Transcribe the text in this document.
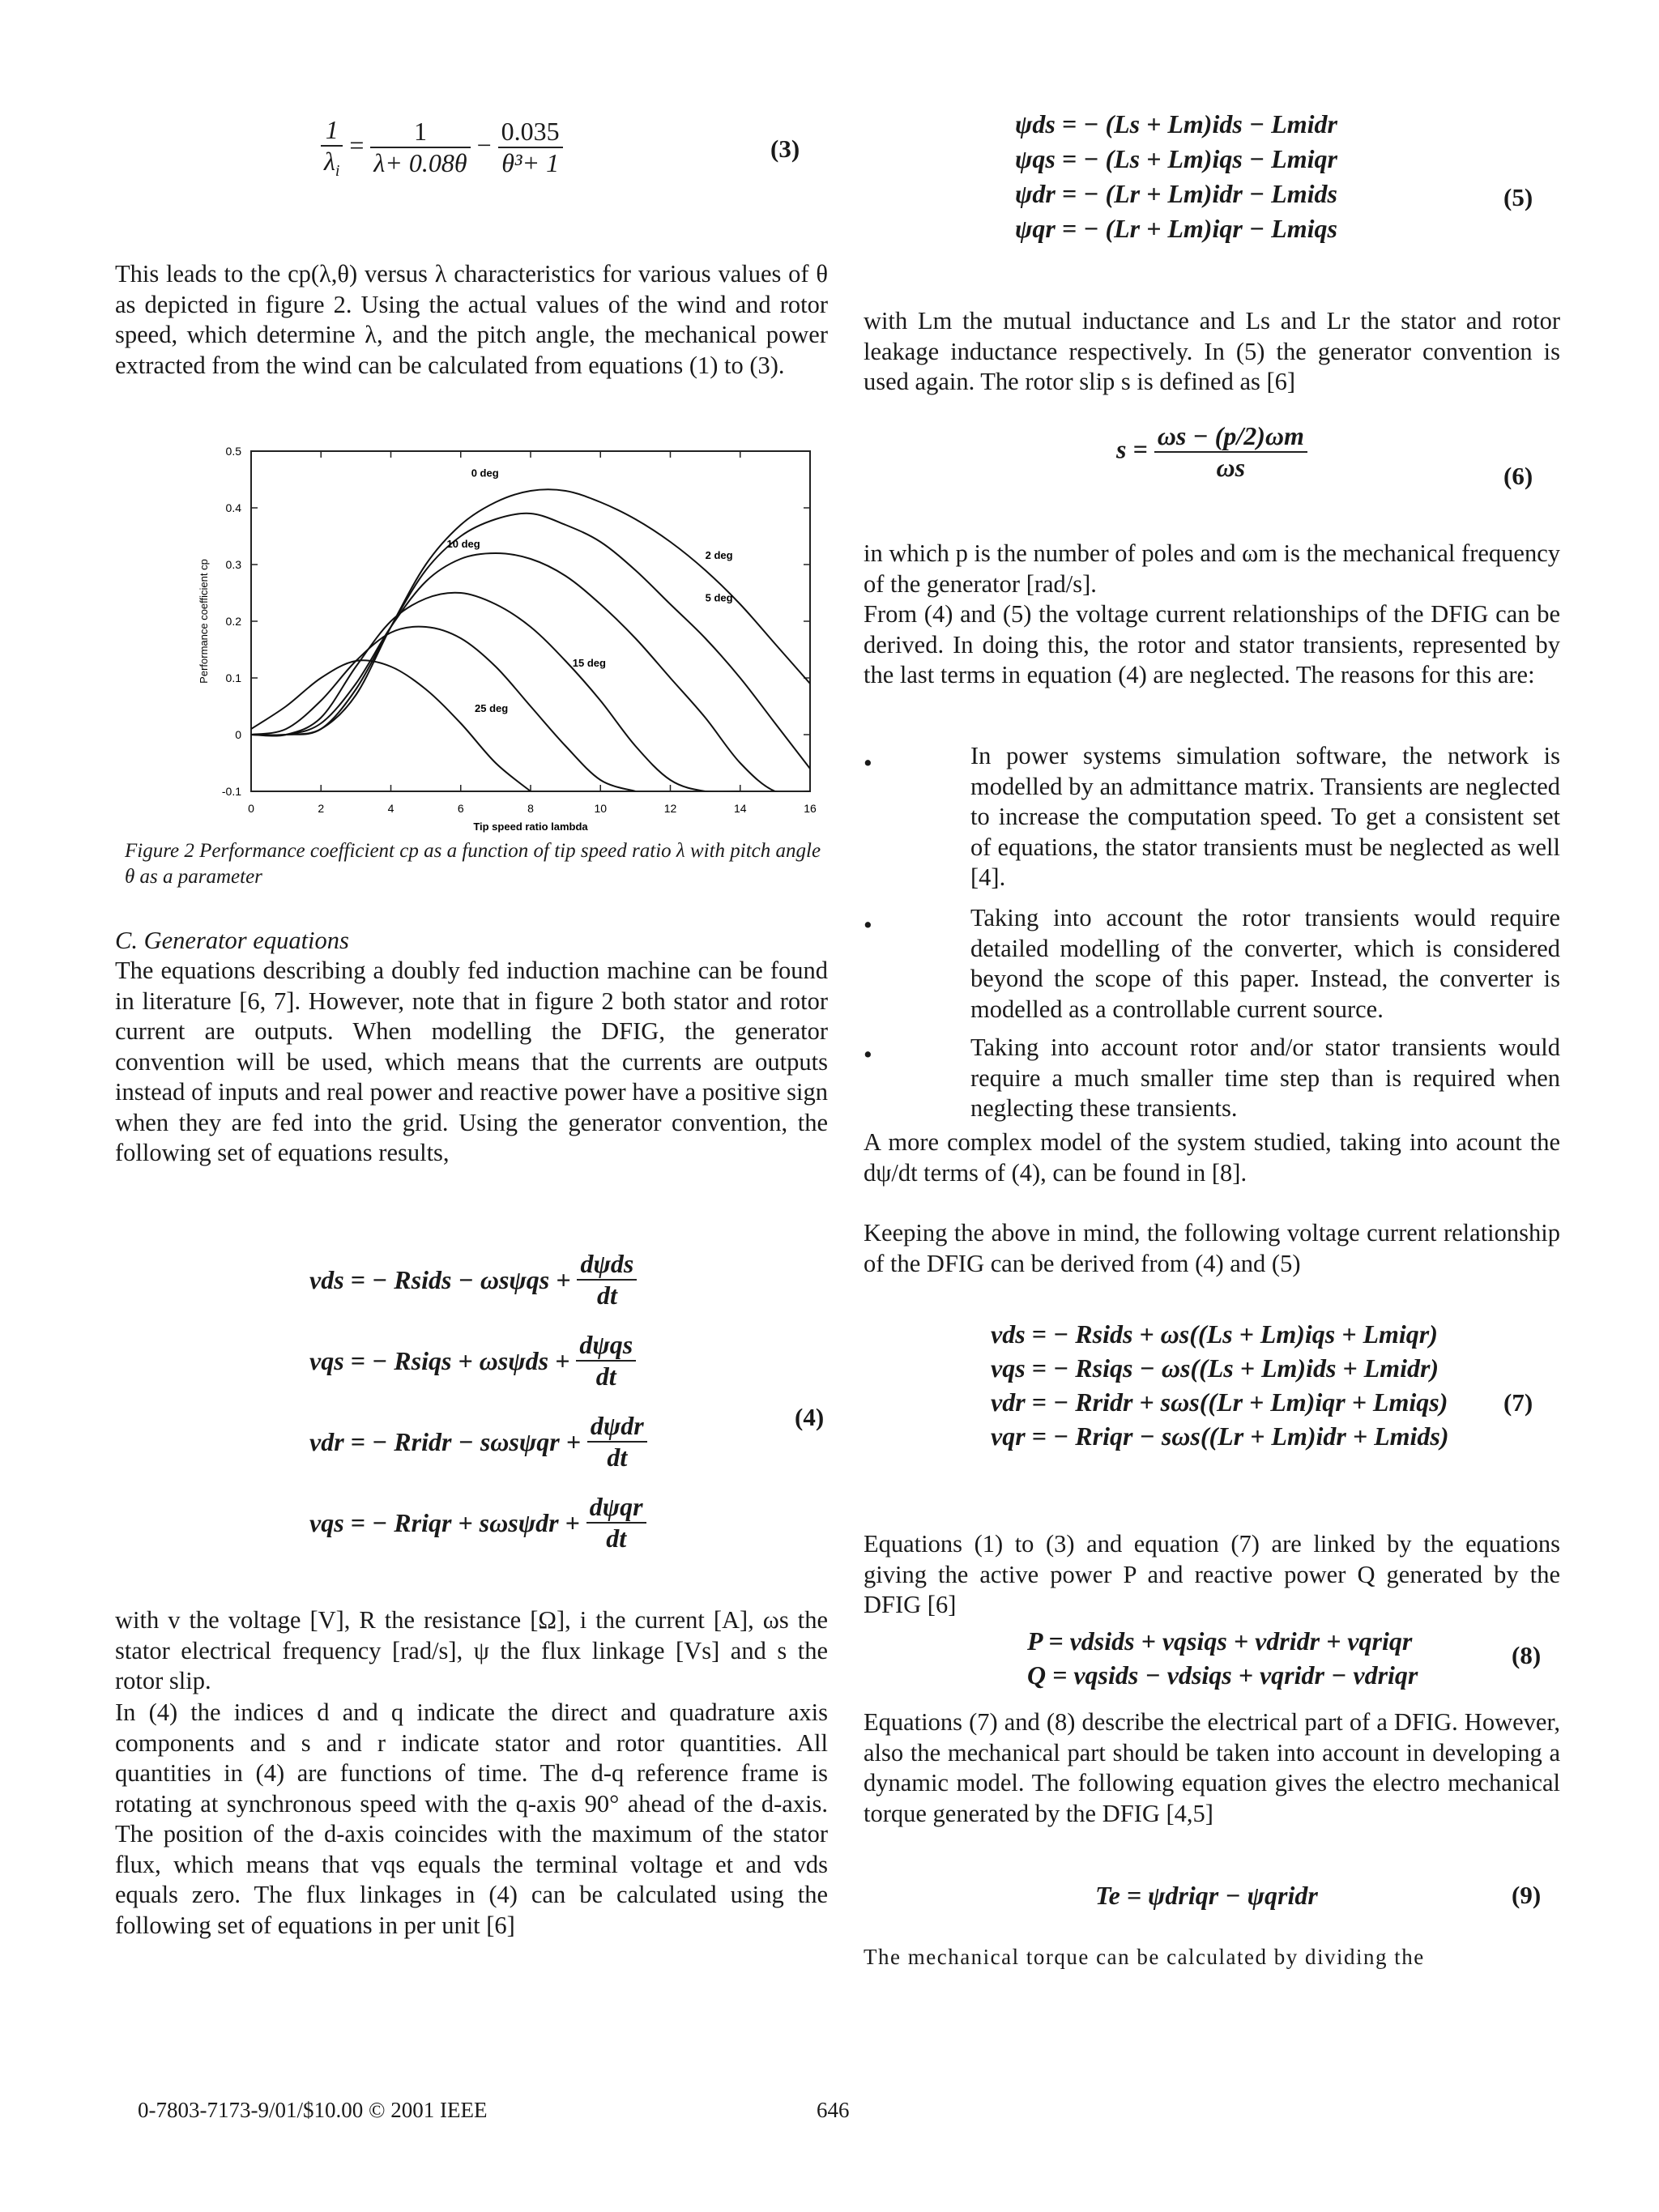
$\frac{1}{\lambda_i} = \frac{1}{\lambda+ 0.08\theta} - \frac{0.035}{\text{θ³+ 1}}$	(3)

This leads to the cp(λ,θ) versus λ characteristics for various values of θ as depicted in figure 2. Using the actual values of the wind and rotor speed, which determine λ, and the pitch angle, the mechanical power extracted from the wind can be calculated from equations (1) to (3).

0	2	4	6	8	10	12	14	16
-0.1
0
0.1
0.2
0.3
0.4
0.5
Tip speed ratio lambda
Performance coefficient cp
0 deg
2 deg
5 deg
10 deg
15 deg
25 deg
Figure 2 Performance coefficient cp as a function of tip speed ratio λ with pitch angle θ as a parameter
C. Generator equations

The equations describing a doubly fed induction machine can be found in literature [6, 7]. However, note that in figure 2 both stator and rotor current are outputs. When modelling the DFIG, the generator convention will be used, which means that the currents are outputs instead of inputs and real power and reactive power have a positive sign when they are fed into the grid. Using the generator convention, the following set of equations results,

vds = − Rsids − $\omega s\psi qs + \frac{\text{dψds}}{dt}$
vqs = − Rsiqs + $\omega s\psi ds + \frac{\text{dψqs}}{dt}$
vdr = − Rridr − $s\omega s\psi qr + \frac{\text{dψdr}}{dt}$
vqs = − Rriqr + $s\omega s\psi dr + \frac{\text{dψqr}}{dt}$
(4)

with v the voltage [V], R the resistance [Ω], i the current [A], ωs the stator electrical frequency [rad/s], ψ the flux linkage [Vs] and s the rotor slip.

In (4) the indices d and q indicate the direct and quadrature axis components and s and r indicate stator and rotor quantities. All quantities in (4) are functions of time. The d-q reference frame is rotating at synchronous speed with the q-axis 90° ahead of the d-axis. The position of the d-axis coincides with the maximum of the stator flux, which means that vqs equals the terminal voltage et and vds equals zero. The flux linkages in (4) can be calculated using the following set of equations in per unit [6]

ψds = − (Ls + Lm)ids − Lmidr
ψqs = − (Ls + Lm)iqs − Lmiqr
ψdr = − (Lr + Lm)idr − Lmids
ψqr = − (Lr + Lm)iqr − Lmiqs
(5)

with Lm the mutual inductance and Ls and Lr the stator and rotor leakage inductance respectively. In (5) the generator convention is used again. The rotor slip s is defined as [6]

$s = \frac{\omega s - (p/2)\omega m}{\omega s}$	(6)

in which p is the number of poles and ωm is the mechanical frequency of the generator [rad/s].

From (4) and (5) the voltage current relationships of the DFIG can be derived. In doing this, the rotor and stator transients, represented by the last terms in equation (4) are neglected. The reasons for this are:

•	In power systems simulation software, the network is modelled by an admittance matrix. Transients are neglected to increase the computation speed. To get a consistent set of equations, the stator transients must be neglected as well [4].

•	Taking into account the rotor transients would require detailed modelling of the converter, which is considered beyond the scope of this paper. Instead, the converter is modelled as a controllable current source.

•	Taking into account rotor and/or stator transients would require a much smaller time step than is required when neglecting these transients.

A more complex model of the system studied, taking into acount the dψ/dt terms of (4), can be found in [8].

Keeping the above in mind, the following voltage current relationship of the DFIG can be derived from (4) and (5)

vds = − Rsids + ωs((Ls + Lm)iqs + Lmiqr)
vqs = − Rsiqs − ωs((Ls + Lm)ids + Lmidr)
vdr = − Rridr + sωs((Lr + Lm)iqr + Lmiqs)
vqr = − Rriqr − sωs((Lr + Lm)idr + Lmids)
(7)

Equations (1) to (3) and equation (7) are linked by the equations giving the active power P and reactive power Q generated by the DFIG [6]

P = vdsids + vqsiqs + vdridr + vqriqr
Q = vqsids − vdsiqs + vqridr − vdriqr
(8)

Equations (7) and (8) describe the electrical part of a DFIG. However, also the mechanical part should be taken into account in developing a dynamic model. The following equation gives the electro mechanical torque generated by the DFIG [4,5]

Te = ψdriqr − ψqridr	(9)

The mechanical torque can be calculated by dividing the

0-7803-7173-9/01/$10.00 © 2001 IEEE	646
